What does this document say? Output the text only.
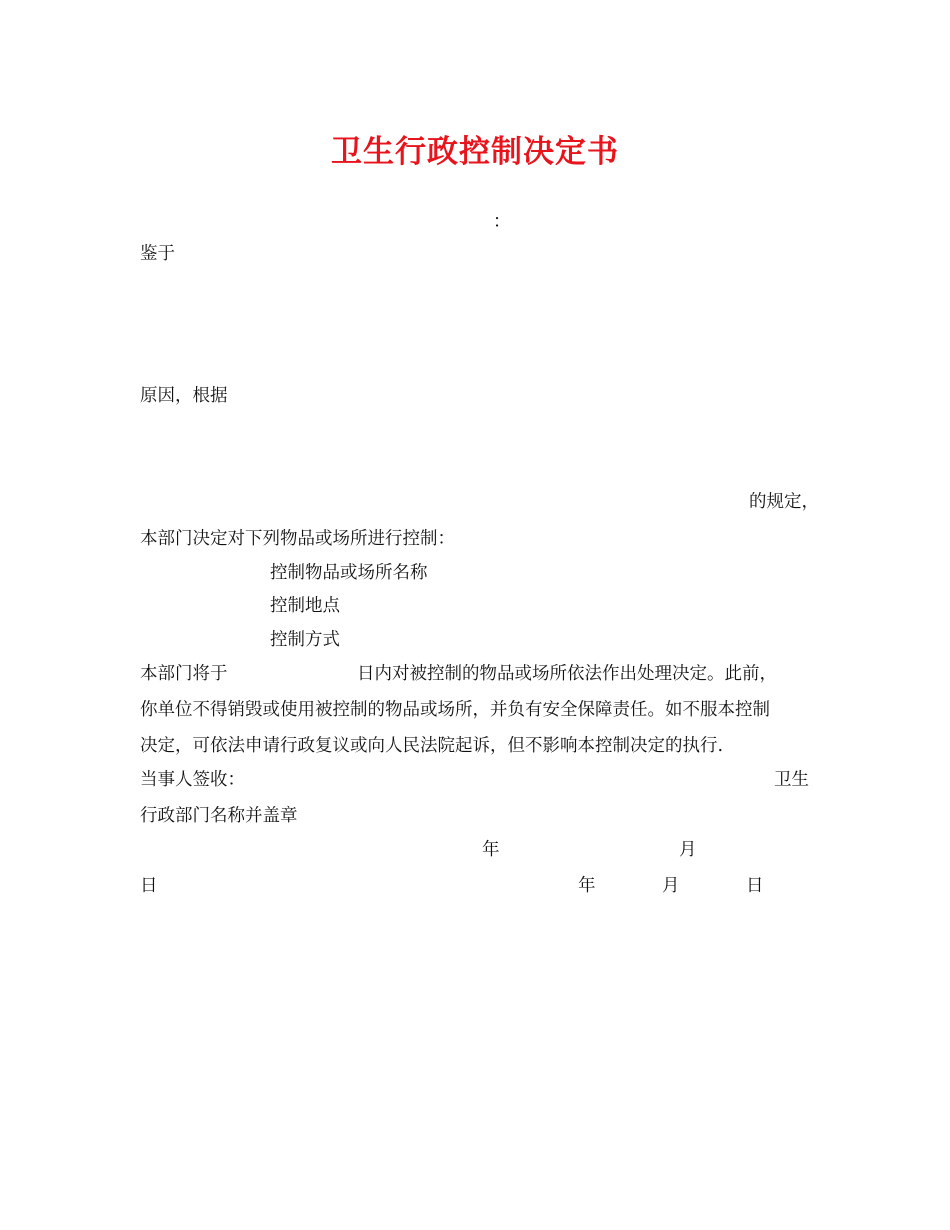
卫生行政控制决定书
：
鉴于
原因，根据
的规定，
本部门决定对下列物品或场所进行控制：
控制物品或场所名称
控制地点
控制方式
本部门将于	日内对被控制的物品或场所依法作出处理决定。此前，
你单位不得销毁或使用被控制的物品或场所，并负有安全保障责任。如不服本控制
决定，可依法申请行政复议或向人民法院起诉，但不影响本控制决定的执行.
当事人签收：	卫生
行政部门名称并盖章
年	月
日	年	月	日
